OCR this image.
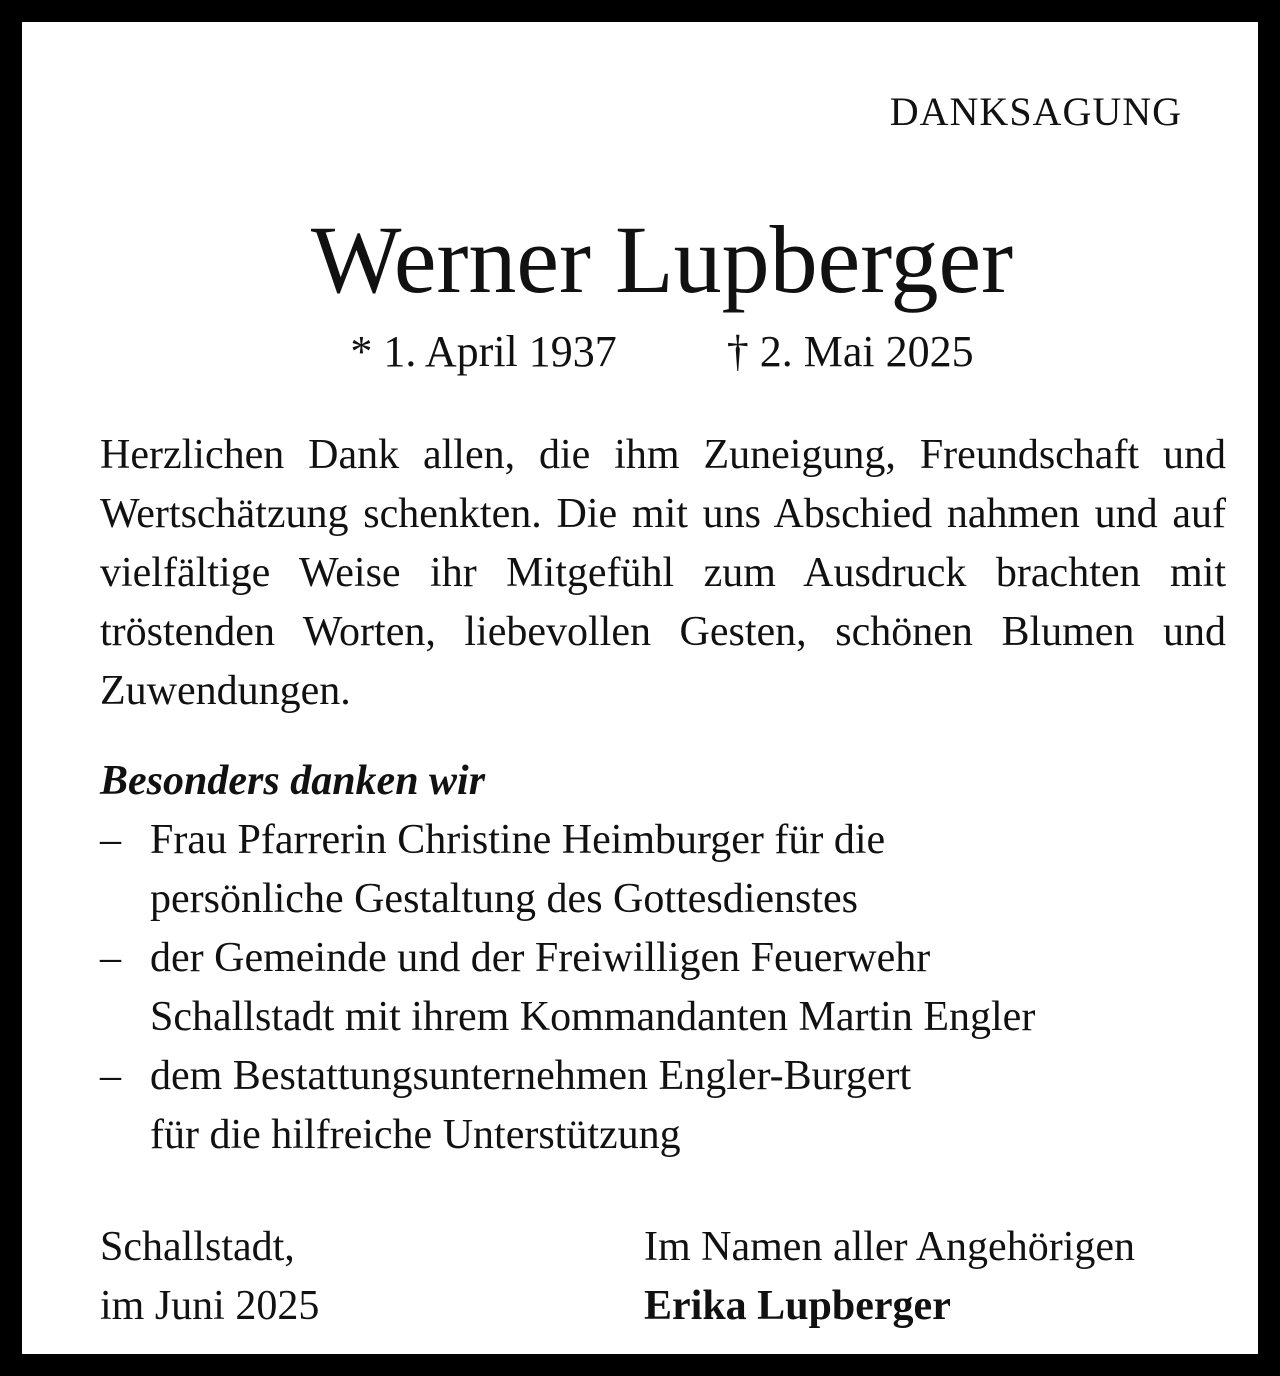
DANKSAGUNG
Werner Lupberger
* 1. April 1937	† 2. Mai 2025

Herzlichen Dank allen, die ihm Zuneigung, Freundschaft und Wertschätzung schenkten. Die mit uns Abschied nahmen und auf vielfältige Weise ihr Mitgefühl zum Ausdruck brachten mit tröstenden Worten, liebevollen Gesten, schönen Blumen und Zuwendungen.

Besonders danken wir
– Frau Pfarrerin Christine Heimburger für die
persönliche Gestaltung des Gottesdienstes
– der Gemeinde und der Freiwilligen Feuerwehr
Schallstadt mit ihrem Kommandanten Martin Engler
– dem Bestattungsunternehmen Engler-Burgert
für die hilfreiche Unterstützung
Schallstadt,
im Juni 2025
Im Namen aller Angehörigen
Erika Lupberger
